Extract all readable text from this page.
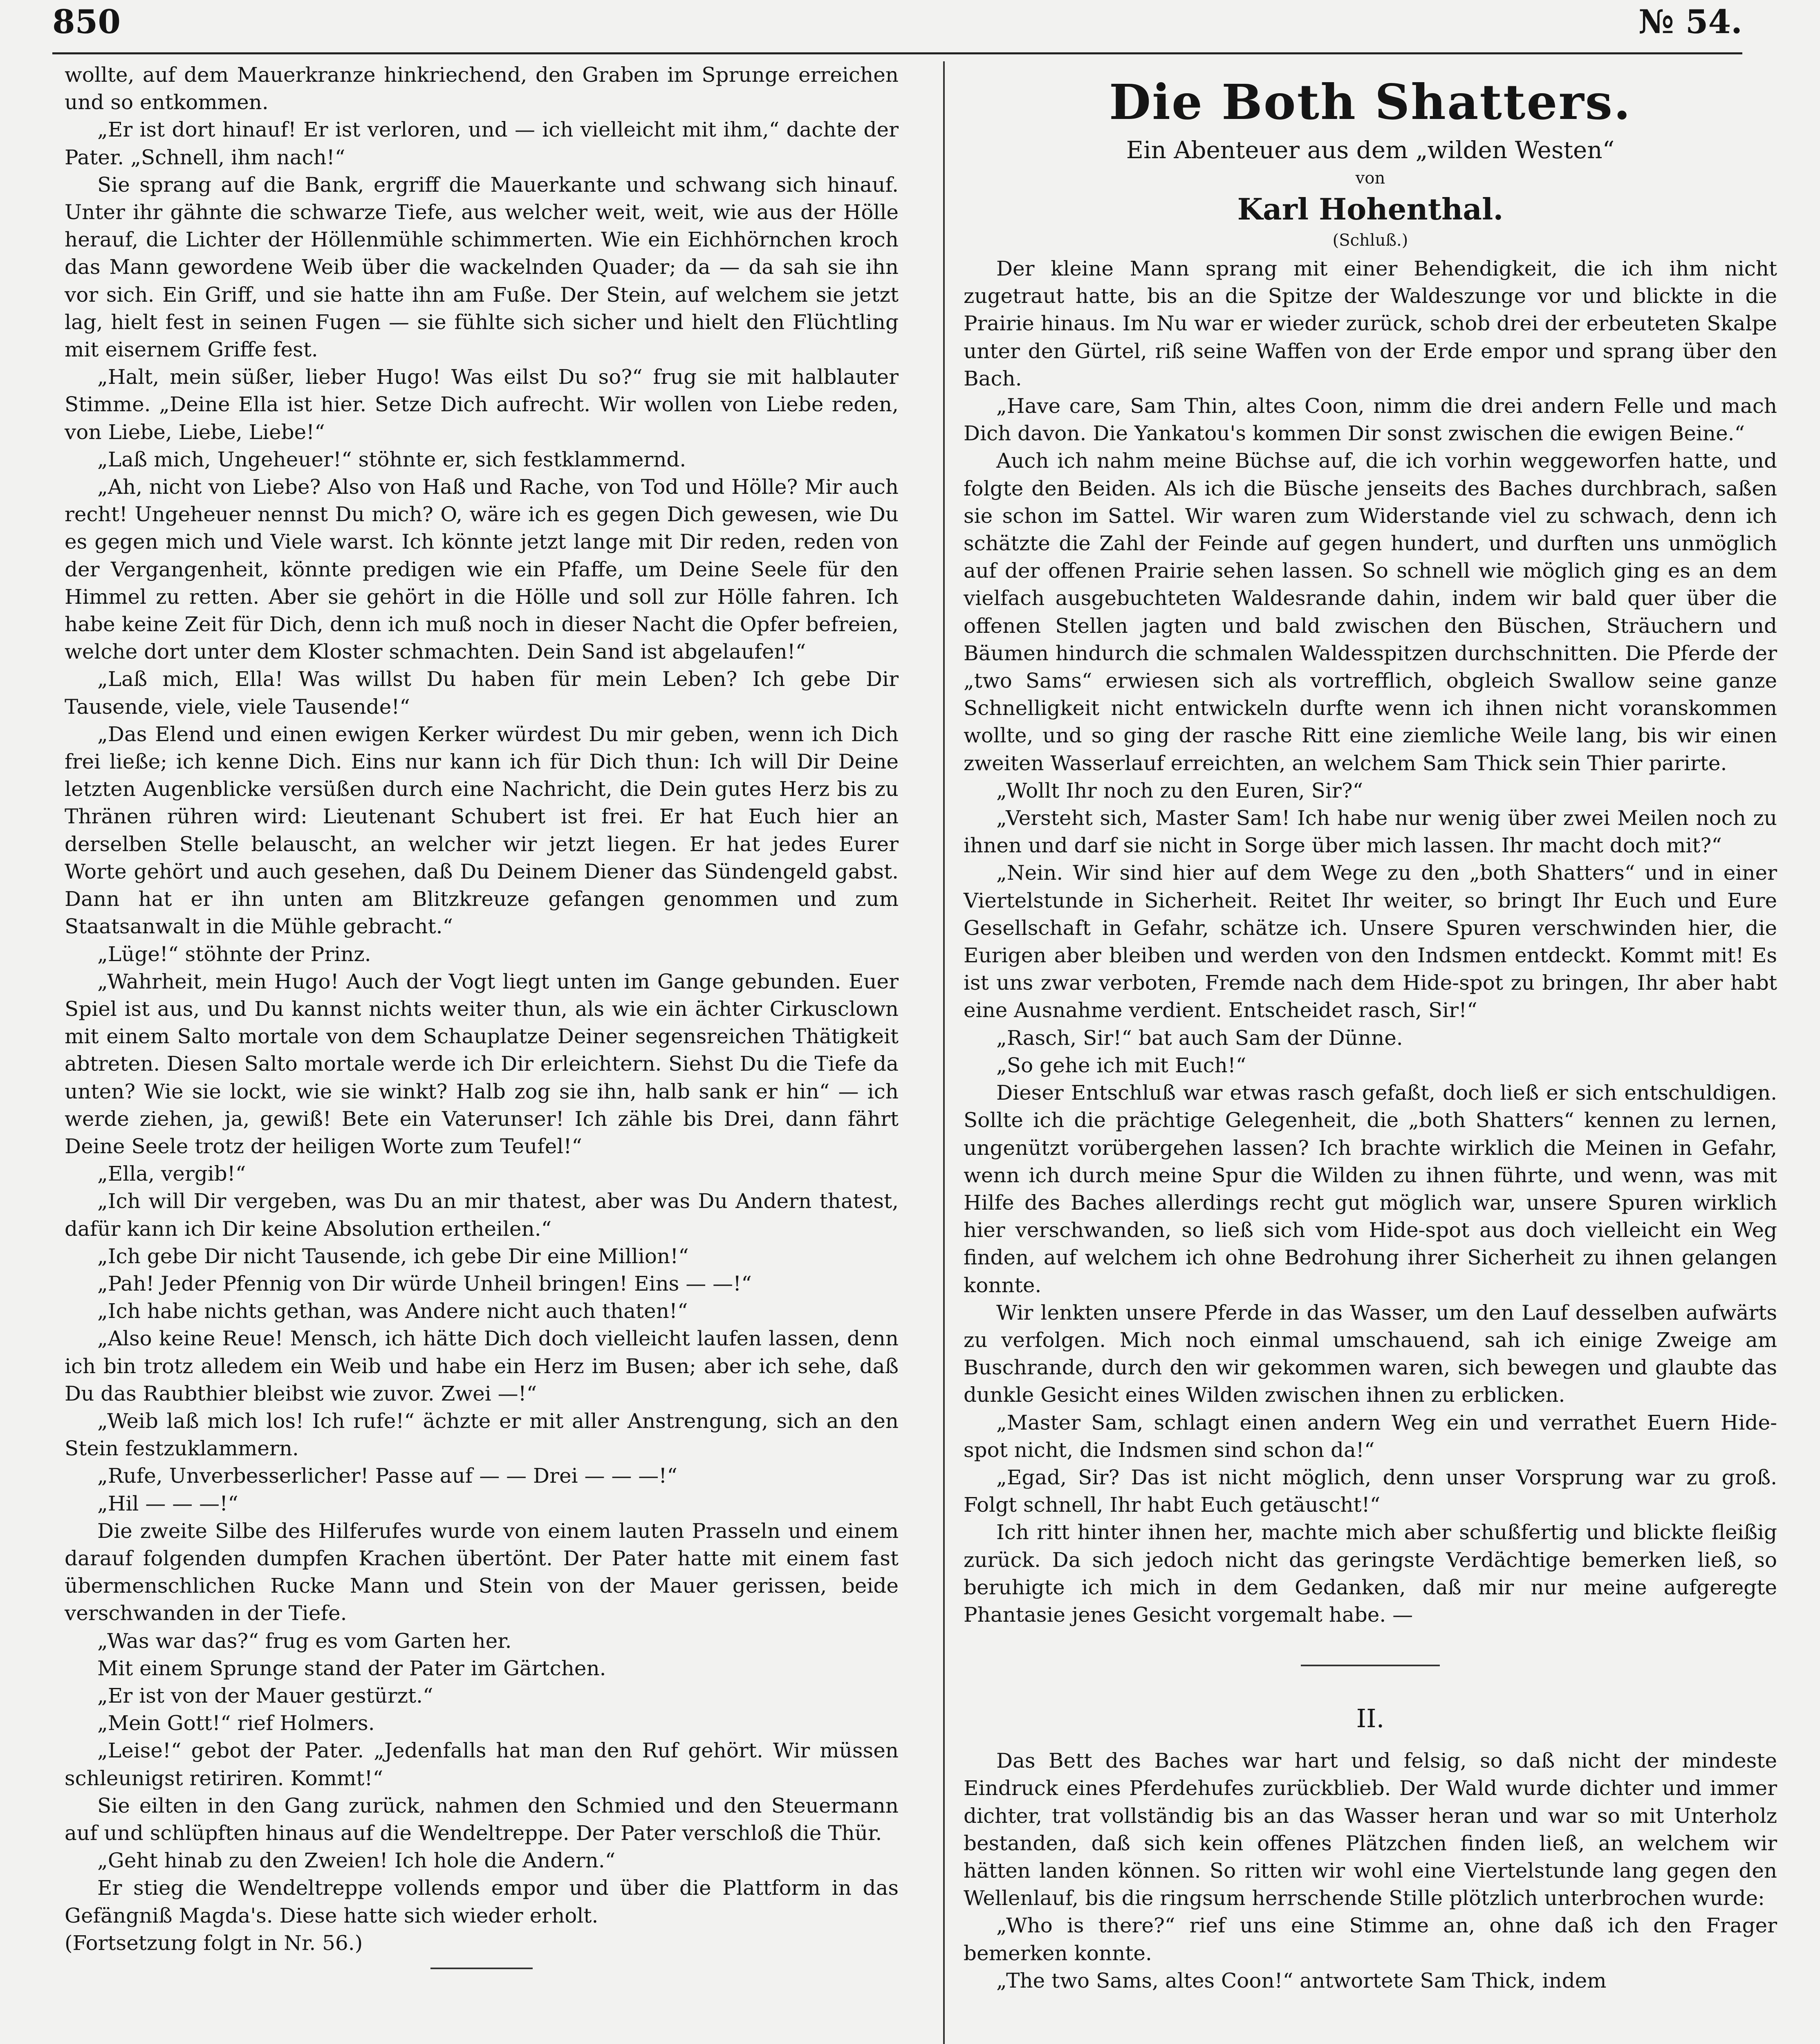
850	№ 54.

wollte, auf dem Mauerkranze hinkriechend, den Graben im Sprunge erreichen und so entkommen.

„Er ist dort hinauf! Er ist verloren, und — ich vielleicht mit ihm,“ dachte der Pater. „Schnell, ihm nach!“

Sie sprang auf die Bank, ergriff die Mauerkante und schwang sich hinauf. Unter ihr gähnte die schwarze Tiefe, aus welcher weit, weit, wie aus der Hölle herauf, die Lichter der Höllenmühle schimmerten. Wie ein Eichhörnchen kroch das Mann gewordene Weib über die wackelnden Quader; da — da sah sie ihn vor sich. Ein Griff, und sie hatte ihn am Fuße. Der Stein, auf welchem sie jetzt lag, hielt fest in seinen Fugen — sie fühlte sich sicher und hielt den Flüchtling mit eisernem Griffe fest.

„Halt, mein süßer, lieber Hugo! Was eilst Du so?“ frug sie mit halblauter Stimme. „Deine Ella ist hier. Setze Dich aufrecht. Wir wollen von Liebe reden, von Liebe, Liebe, Liebe!“

„Laß mich, Ungeheuer!“ stöhnte er, sich festklammernd.

„Ah, nicht von Liebe? Also von Haß und Rache, von Tod und Hölle? Mir auch recht! Ungeheuer nennst Du mich? O, wäre ich es gegen Dich gewesen, wie Du es gegen mich und Viele warst. Ich könnte jetzt lange mit Dir reden, reden von der Vergangenheit, könnte predigen wie ein Pfaffe, um Deine Seele für den Himmel zu retten. Aber sie gehört in die Hölle und soll zur Hölle fahren. Ich habe keine Zeit für Dich, denn ich muß noch in dieser Nacht die Opfer befreien, welche dort unter dem Kloster schmachten. Dein Sand ist abgelaufen!“

„Laß mich, Ella! Was willst Du haben für mein Leben? Ich gebe Dir Tausende, viele, viele Tausende!“

„Das Elend und einen ewigen Kerker würdest Du mir geben, wenn ich Dich frei ließe; ich kenne Dich. Eins nur kann ich für Dich thun: Ich will Dir Deine letzten Augenblicke versüßen durch eine Nachricht, die Dein gutes Herz bis zu Thränen rühren wird: Lieutenant Schubert ist frei. Er hat Euch hier an derselben Stelle belauscht, an welcher wir jetzt liegen. Er hat jedes Eurer Worte gehört und auch gesehen, daß Du Deinem Diener das Sündengeld gabst. Dann hat er ihn unten am Blitzkreuze gefangen genommen und zum Staatsanwalt in die Mühle gebracht.“

„Lüge!“ stöhnte der Prinz.

„Wahrheit, mein Hugo! Auch der Vogt liegt unten im Gange gebunden. Euer Spiel ist aus, und Du kannst nichts weiter thun, als wie ein ächter Cirkusclown mit einem Salto mortale von dem Schauplatze Deiner segensreichen Thätigkeit abtreten. Diesen Salto mortale werde ich Dir erleichtern. Siehst Du die Tiefe da unten? Wie sie lockt, wie sie winkt? Halb zog sie ihn, halb sank er hin“ — ich werde ziehen, ja, gewiß! Bete ein Vaterunser! Ich zähle bis Drei, dann fährt Deine Seele trotz der heiligen Worte zum Teufel!“

„Ella, vergib!“

„Ich will Dir vergeben, was Du an mir thatest, aber was Du Andern thatest, dafür kann ich Dir keine Absolution ertheilen.“

„Ich gebe Dir nicht Tausende, ich gebe Dir eine Million!“

„Pah! Jeder Pfennig von Dir würde Unheil bringen! Eins — —!“

„Ich habe nichts gethan, was Andere nicht auch thaten!“

„Also keine Reue! Mensch, ich hätte Dich doch vielleicht laufen lassen, denn ich bin trotz alledem ein Weib und habe ein Herz im Busen; aber ich sehe, daß Du das Raubthier bleibst wie zuvor. Zwei —!“

„Weib laß mich los! Ich rufe!“ ächzte er mit aller Anstrengung, sich an den Stein festzuklammern.

„Rufe, Unverbesserlicher! Passe auf — — Drei — — —!“

„Hil — — —!“

Die zweite Silbe des Hilferufes wurde von einem lauten Prasseln und einem darauf folgenden dumpfen Krachen übertönt. Der Pater hatte mit einem fast übermenschlichen Rucke Mann und Stein von der Mauer gerissen, beide verschwanden in der Tiefe.

„Was war das?“ frug es vom Garten her.

Mit einem Sprunge stand der Pater im Gärtchen.

„Er ist von der Mauer gestürzt.“

„Mein Gott!“ rief Holmers.

„Leise!“ gebot der Pater. „Jedenfalls hat man den Ruf gehört. Wir müssen schleunigst retiriren. Kommt!“

Sie eilten in den Gang zurück, nahmen den Schmied und den Steuermann auf und schlüpften hinaus auf die Wendeltreppe. Der Pater verschloß die Thür.

„Geht hinab zu den Zweien! Ich hole die Andern.“

Er stieg die Wendeltreppe vollends empor und über die Plattform in das Gefängniß Magda's. Diese hatte sich wieder erholt.

(Fortsetzung folgt in Nr. 56.)

Die Both Shatters.
Ein Abenteuer aus dem „wilden Westen“
von
Karl Hohenthal.
(Schluß.)

Der kleine Mann sprang mit einer Behendigkeit, die ich ihm nicht zugetraut hatte, bis an die Spitze der Waldeszunge vor und blickte in die Prairie hinaus. Im Nu war er wieder zurück, schob drei der erbeuteten Skalpe unter den Gürtel, riß seine Waffen von der Erde empor und sprang über den Bach.

„Have care, Sam Thin, altes Coon, nimm die drei andern Felle und mach Dich davon. Die Yankatou's kommen Dir sonst zwischen die ewigen Beine.“

Auch ich nahm meine Büchse auf, die ich vorhin weggeworfen hatte, und folgte den Beiden. Als ich die Büsche jenseits des Baches durchbrach, saßen sie schon im Sattel. Wir waren zum Widerstande viel zu schwach, denn ich schätzte die Zahl der Feinde auf gegen hundert, und durften uns unmöglich auf der offenen Prairie sehen lassen. So schnell wie möglich ging es an dem vielfach ausgebuchteten Waldesrande dahin, indem wir bald quer über die offenen Stellen jagten und bald zwischen den Büschen, Sträuchern und Bäumen hindurch die schmalen Waldesspitzen durchschnitten. Die Pferde der „two Sams“ erwiesen sich als vortrefflich, obgleich Swallow seine ganze Schnelligkeit nicht entwickeln durfte wenn ich ihnen nicht voranskommen wollte, und so ging der rasche Ritt eine ziemliche Weile lang, bis wir einen zweiten Wasserlauf erreichten, an welchem Sam Thick sein Thier parirte.

„Wollt Ihr noch zu den Euren, Sir?“

„Versteht sich, Master Sam! Ich habe nur wenig über zwei Meilen noch zu ihnen und darf sie nicht in Sorge über mich lassen. Ihr macht doch mit?“

„Nein. Wir sind hier auf dem Wege zu den „both Shatters“ und in einer Viertelstunde in Sicherheit. Reitet Ihr weiter, so bringt Ihr Euch und Eure Gesellschaft in Gefahr, schätze ich. Unsere Spuren verschwinden hier, die Eurigen aber bleiben und werden von den Indsmen entdeckt. Kommt mit! Es ist uns zwar verboten, Fremde nach dem Hide-spot zu bringen, Ihr aber habt eine Ausnahme verdient. Entscheidet rasch, Sir!“

„Rasch, Sir!“ bat auch Sam der Dünne.

„So gehe ich mit Euch!“

Dieser Entschluß war etwas rasch gefaßt, doch ließ er sich entschuldigen. Sollte ich die prächtige Gelegenheit, die „both Shatters“ kennen zu lernen, ungenützt vorübergehen lassen? Ich brachte wirklich die Meinen in Gefahr, wenn ich durch meine Spur die Wilden zu ihnen führte, und wenn, was mit Hilfe des Baches allerdings recht gut möglich war, unsere Spuren wirklich hier verschwanden, so ließ sich vom Hide-spot aus doch vielleicht ein Weg finden, auf welchem ich ohne Bedrohung ihrer Sicherheit zu ihnen gelangen konnte.

Wir lenkten unsere Pferde in das Wasser, um den Lauf desselben aufwärts zu verfolgen. Mich noch einmal umschauend, sah ich einige Zweige am Buschrande, durch den wir gekommen waren, sich bewegen und glaubte das dunkle Gesicht eines Wilden zwischen ihnen zu erblicken.

„Master Sam, schlagt einen andern Weg ein und verrathet Euern Hide-spot nicht, die Indsmen sind schon da!“

„Egad, Sir? Das ist nicht möglich, denn unser Vorsprung war zu groß. Folgt schnell, Ihr habt Euch getäuscht!“

Ich ritt hinter ihnen her, machte mich aber schußfertig und blickte fleißig zurück. Da sich jedoch nicht das geringste Verdächtige bemerken ließ, so beruhigte ich mich in dem Gedanken, daß mir nur meine aufgeregte Phantasie jenes Gesicht vorgemalt habe. —

II.

Das Bett des Baches war hart und felsig, so daß nicht der mindeste Eindruck eines Pferdehufes zurückblieb. Der Wald wurde dichter und immer dichter, trat vollständig bis an das Wasser heran und war so mit Unterholz bestanden, daß sich kein offenes Plätzchen finden ließ, an welchem wir hätten landen können. So ritten wir wohl eine Viertelstunde lang gegen den Wellenlauf, bis die ringsum herrschende Stille plötzlich unterbrochen wurde:

„Who is there?“ rief uns eine Stimme an, ohne daß ich den Frager bemerken konnte.

„The two Sams, altes Coon!“ antwortete Sam Thick, indem
